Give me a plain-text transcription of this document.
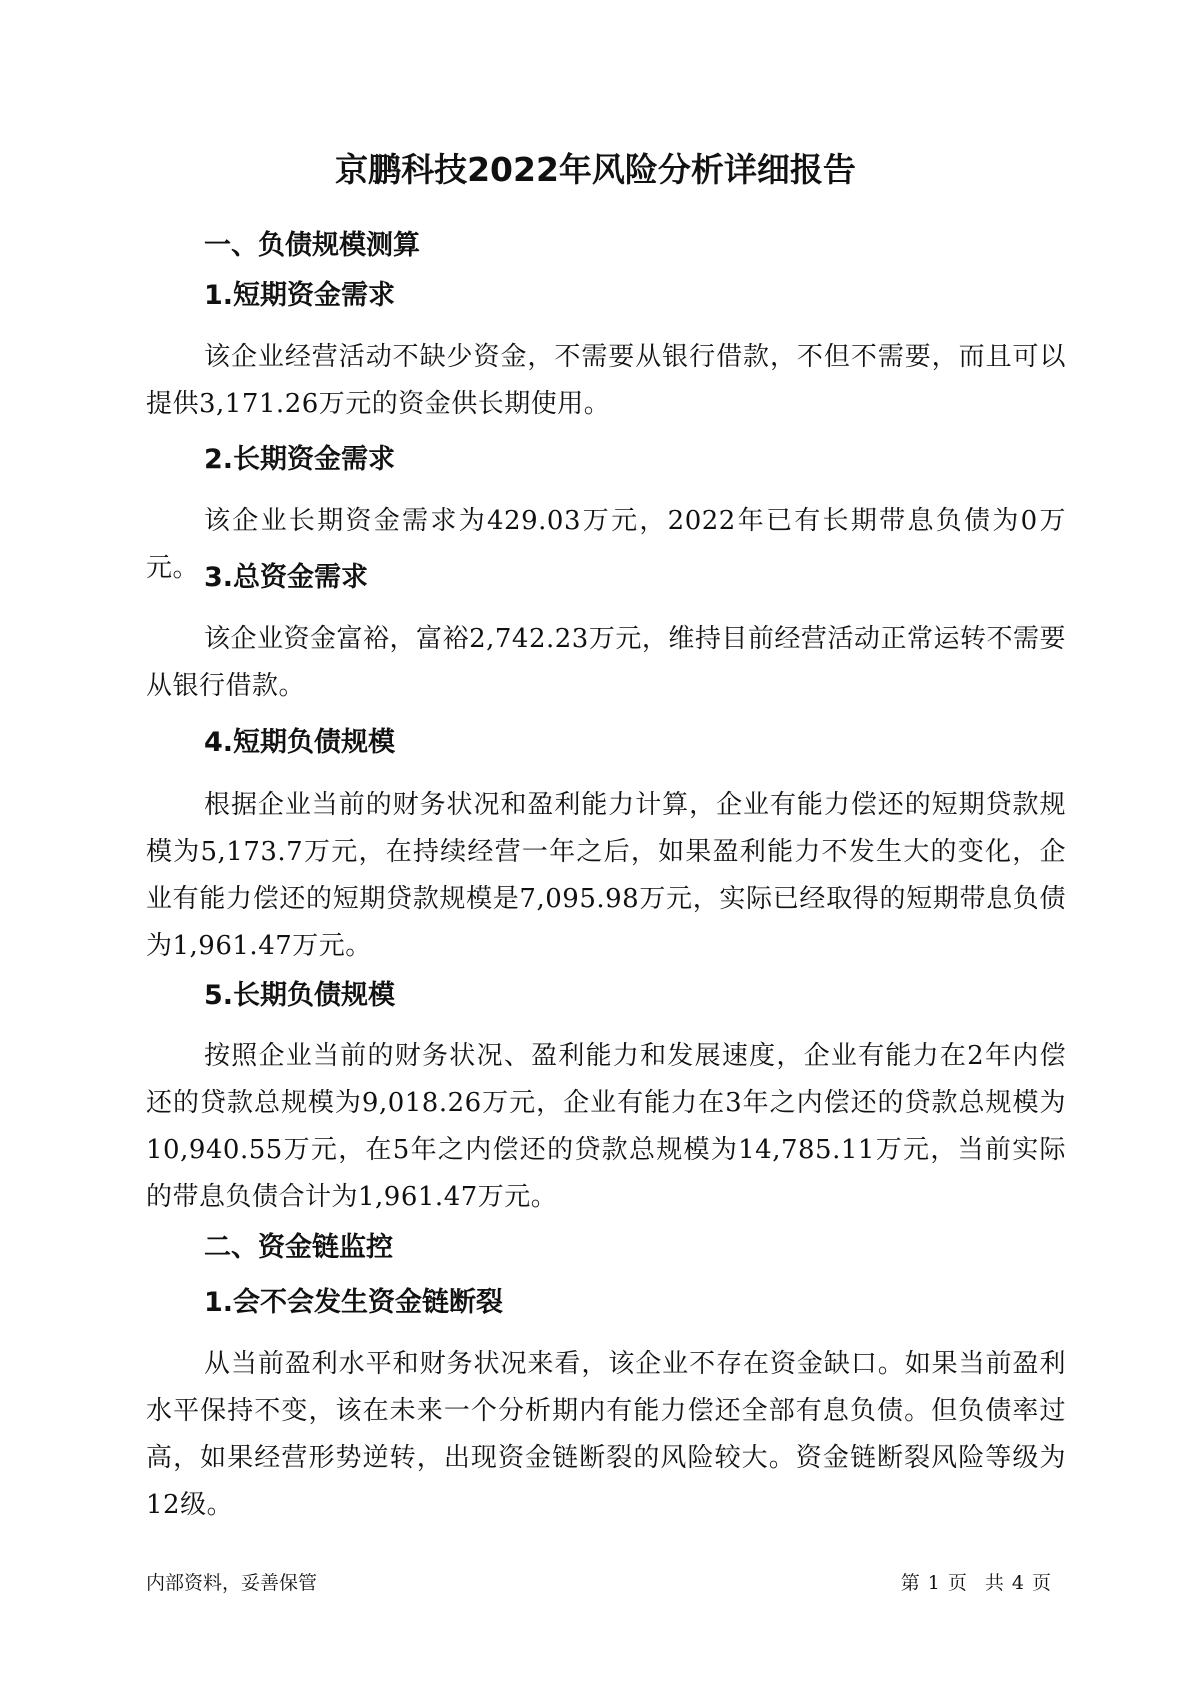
京鹏科技2022年风险分析详细报告
一、负债规模测算
1.短期资金需求

该企业经营活动不缺少资金，不需要从银行借款，不但不需要，而且可以提供3,171.26万元的资金供长期使用。

2.长期资金需求

该企业长期资金需求为429.03万元，2022年已有长期带息负债为0万元。 3.总资金需求

该企业资金富裕，富裕2,742.23万元，维持目前经营活动正常运转不需要从银行借款。

4.短期负债规模

根据企业当前的财务状况和盈利能力计算，企业有能力偿还的短期贷款规模为5,173.7万元，在持续经营一年之后，如果盈利能力不发生大的变化，企业有能力偿还的短期贷款规模是7,095.98万元，实际已经取得的短期带息负债为1,961.47万元。

5.长期负债规模

按照企业当前的财务状况、盈利能力和发展速度，企业有能力在2年内偿还的贷款总规模为9,018.26万元，企业有能力在3年之内偿还的贷款总规模为10,940.55万元，在5年之内偿还的贷款总规模为14,785.11万元，当前实际的带息负债合计为1,961.47万元。

二、资金链监控
1.会不会发生资金链断裂

从当前盈利水平和财务状况来看，该企业不存在资金缺口。如果当前盈利水平保持不变，该在未来一个分析期内有能力偿还全部有息负债。但负债率过高，如果经营形势逆转，出现资金链断裂的风险较大。资金链断裂风险等级为12级。

内部资料，妥善保管	第 1 页 共 4 页
